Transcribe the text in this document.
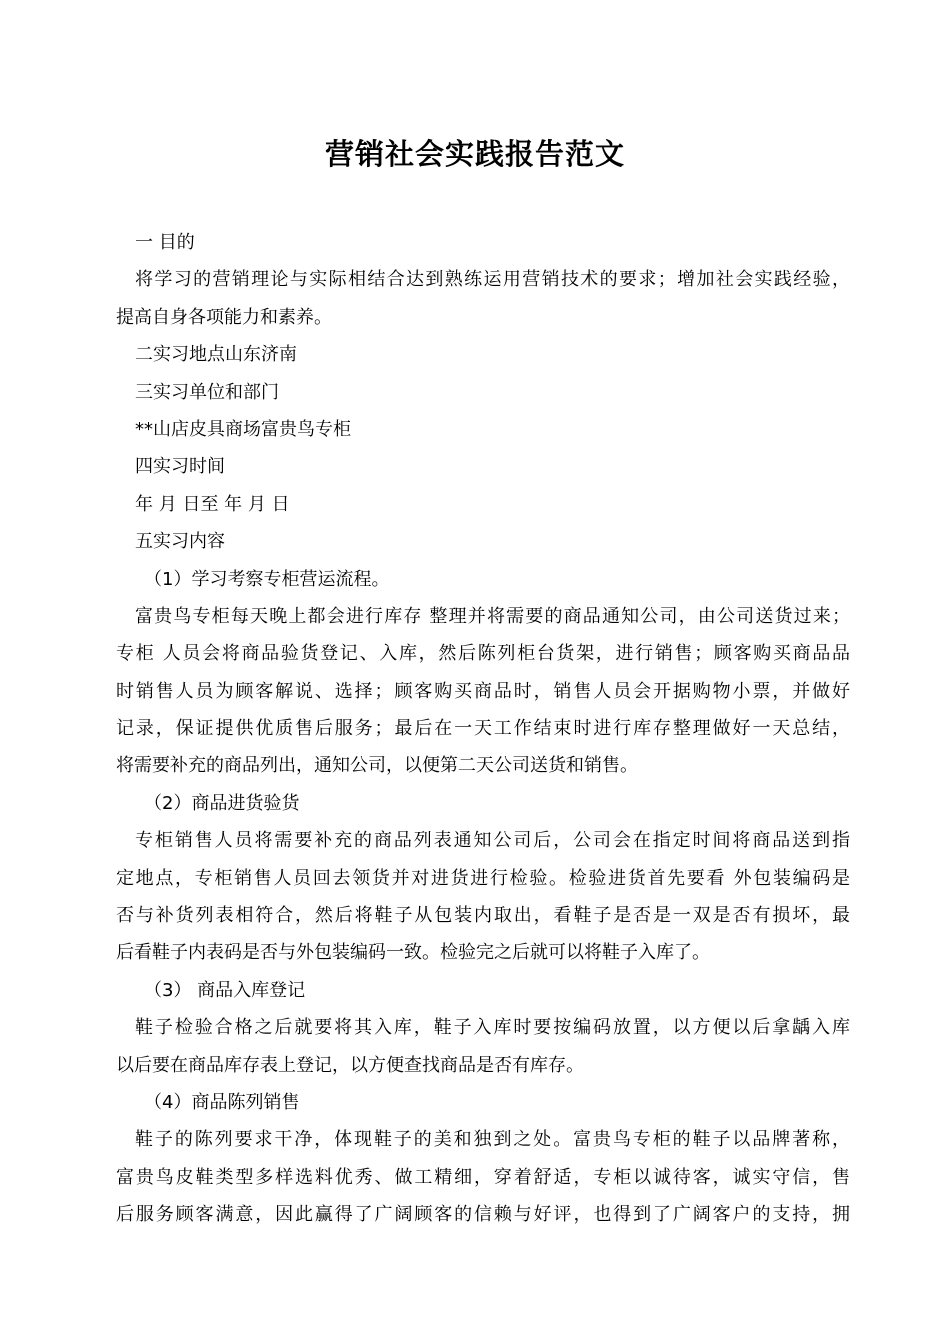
营销社会实践报告范文
一 目的
将学习的营销理论与实际相结合达到熟练运用营销技术的要求；增加社会实践经验，
提高自身各项能力和素养。
二实习地点山东济南
三实习单位和部门
**山店皮具商场富贵鸟专柜
四实习时间
年 月 日至 年 月 日
五实习内容
（1）学习考察专柜营运流程。
富贵鸟专柜每天晚上都会进行库存 整理并将需要的商品通知公司，由公司送货过来；
专柜 人员会将商品验货登记、入库，然后陈列柜台货架，进行销售；顾客购买商品品
时销售人员为顾客解说、选择；顾客购买商品时，销售人员会开据购物小票，并做好
记录，保证提供优质售后服务；最后在一天工作结束时进行库存整理做好一天总结，
将需要补充的商品列出，通知公司，以便第二天公司送货和销售。
（2）商品进货验货
专柜销售人员将需要补充的商品列表通知公司后，公司会在指定时间将商品送到指
定地点，专柜销售人员回去领货并对进货进行检验。检验进货首先要看 外包装编码是
否与补货列表相符合，然后将鞋子从包装内取出，看鞋子是否是一双是否有损坏，最
后看鞋子内表码是否与外包装编码一致。检验完之后就可以将鞋子入库了。
（3） 商品入库登记
鞋子检验合格之后就要将其入库，鞋子入库时要按编码放置，以方便以后拿龋入库
以后要在商品库存表上登记，以方便查找商品是否有库存。
（4）商品陈列销售
鞋子的陈列要求干净，体现鞋子的美和独到之处。富贵鸟专柜的鞋子以品牌著称，
富贵鸟皮鞋类型多样选料优秀、做工精细，穿着舒适，专柜以诚待客，诚实守信，售
后服务顾客满意，因此赢得了广阔顾客的信赖与好评，也得到了广阔客户的支持，拥
